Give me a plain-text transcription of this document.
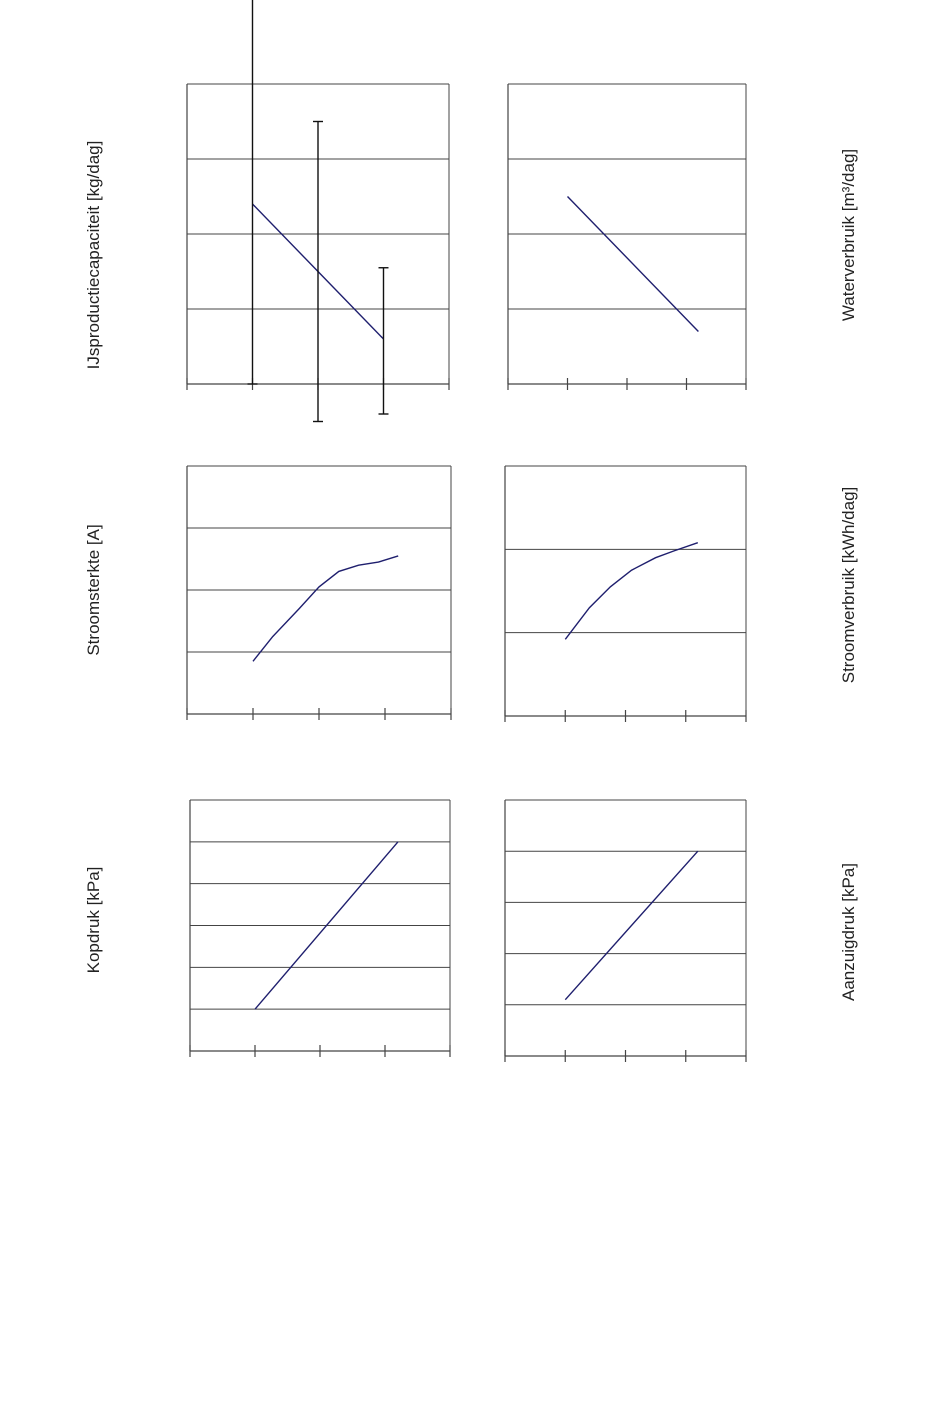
IJsproductiecapaciteit [kg/dag]	Waterverbruik [m³/dag]
Stroomsterkte [A]	Stroomverbruik [kWh/dag]
Kopdruk [kPa]	Aanzuigdruk [kPa]
